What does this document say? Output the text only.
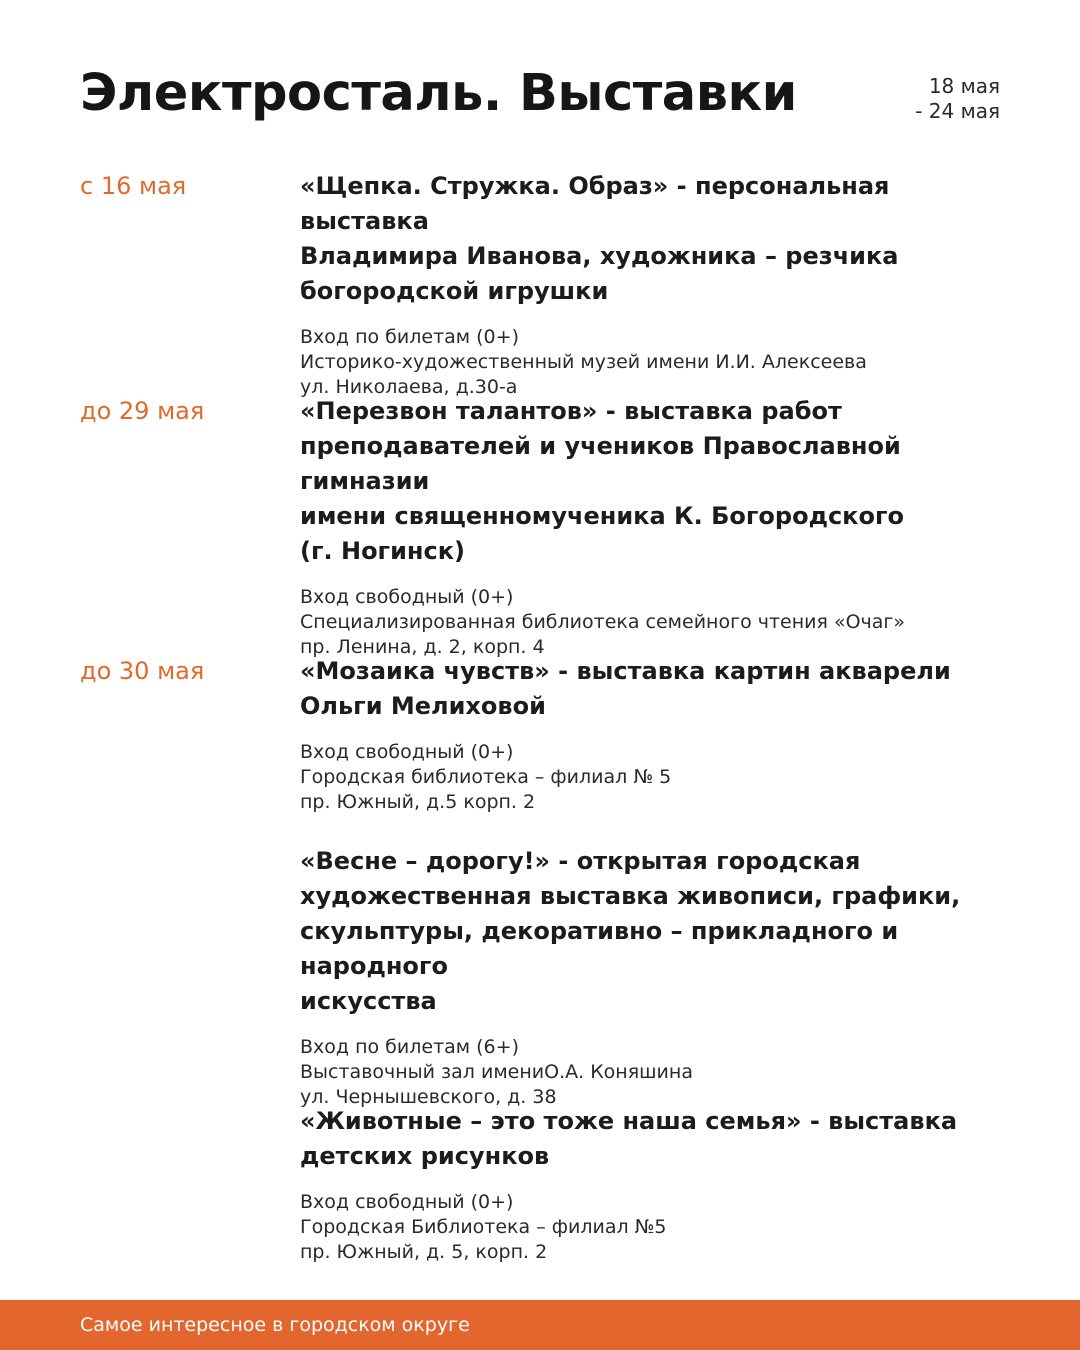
Электросталь. Выставки	18 мая
- 24 мая
с 16 мая	«Щепка. Стружка. Образ» - персональная выставка
Владимира Иванова, художника – резчика
богородской игрушки

Вход по билетам (0+)
Историко-художественный музей имени И.И. Алексеева
ул. Николаева, д.30-а
до 29 мая	«Перезвон талантов» - выставка работ
преподавателей и учеников Православной гимназии
имени священномученика К. Богородского
(г. Ногинск)

Вход свободный (0+)
Специализированная библиотека семейного чтения «Очаг»
пр. Ленина, д. 2, корп. 4
до 30 мая	«Мозаика чувств» - выставка картин акварели
Ольги Мелиховой

Вход свободный (0+)
Городская библиотека – филиал № 5
пр. Южный, д.5 корп. 2

«Весне – дорогу!» - открытая городская
художественная выставка живописи, графики,
скульптуры, декоративно – прикладного и народного
искусства

Вход по билетам (6+)
Выставочный зал имениО.А. Коняшина
ул. Чернышевского, д. 38

«Животные – это тоже наша семья» - выставка
детских рисунков

Вход свободный (0+)
Городская Библиотека – филиал №5
пр. Южный, д. 5, корп. 2
Самое интересное в городском округе
